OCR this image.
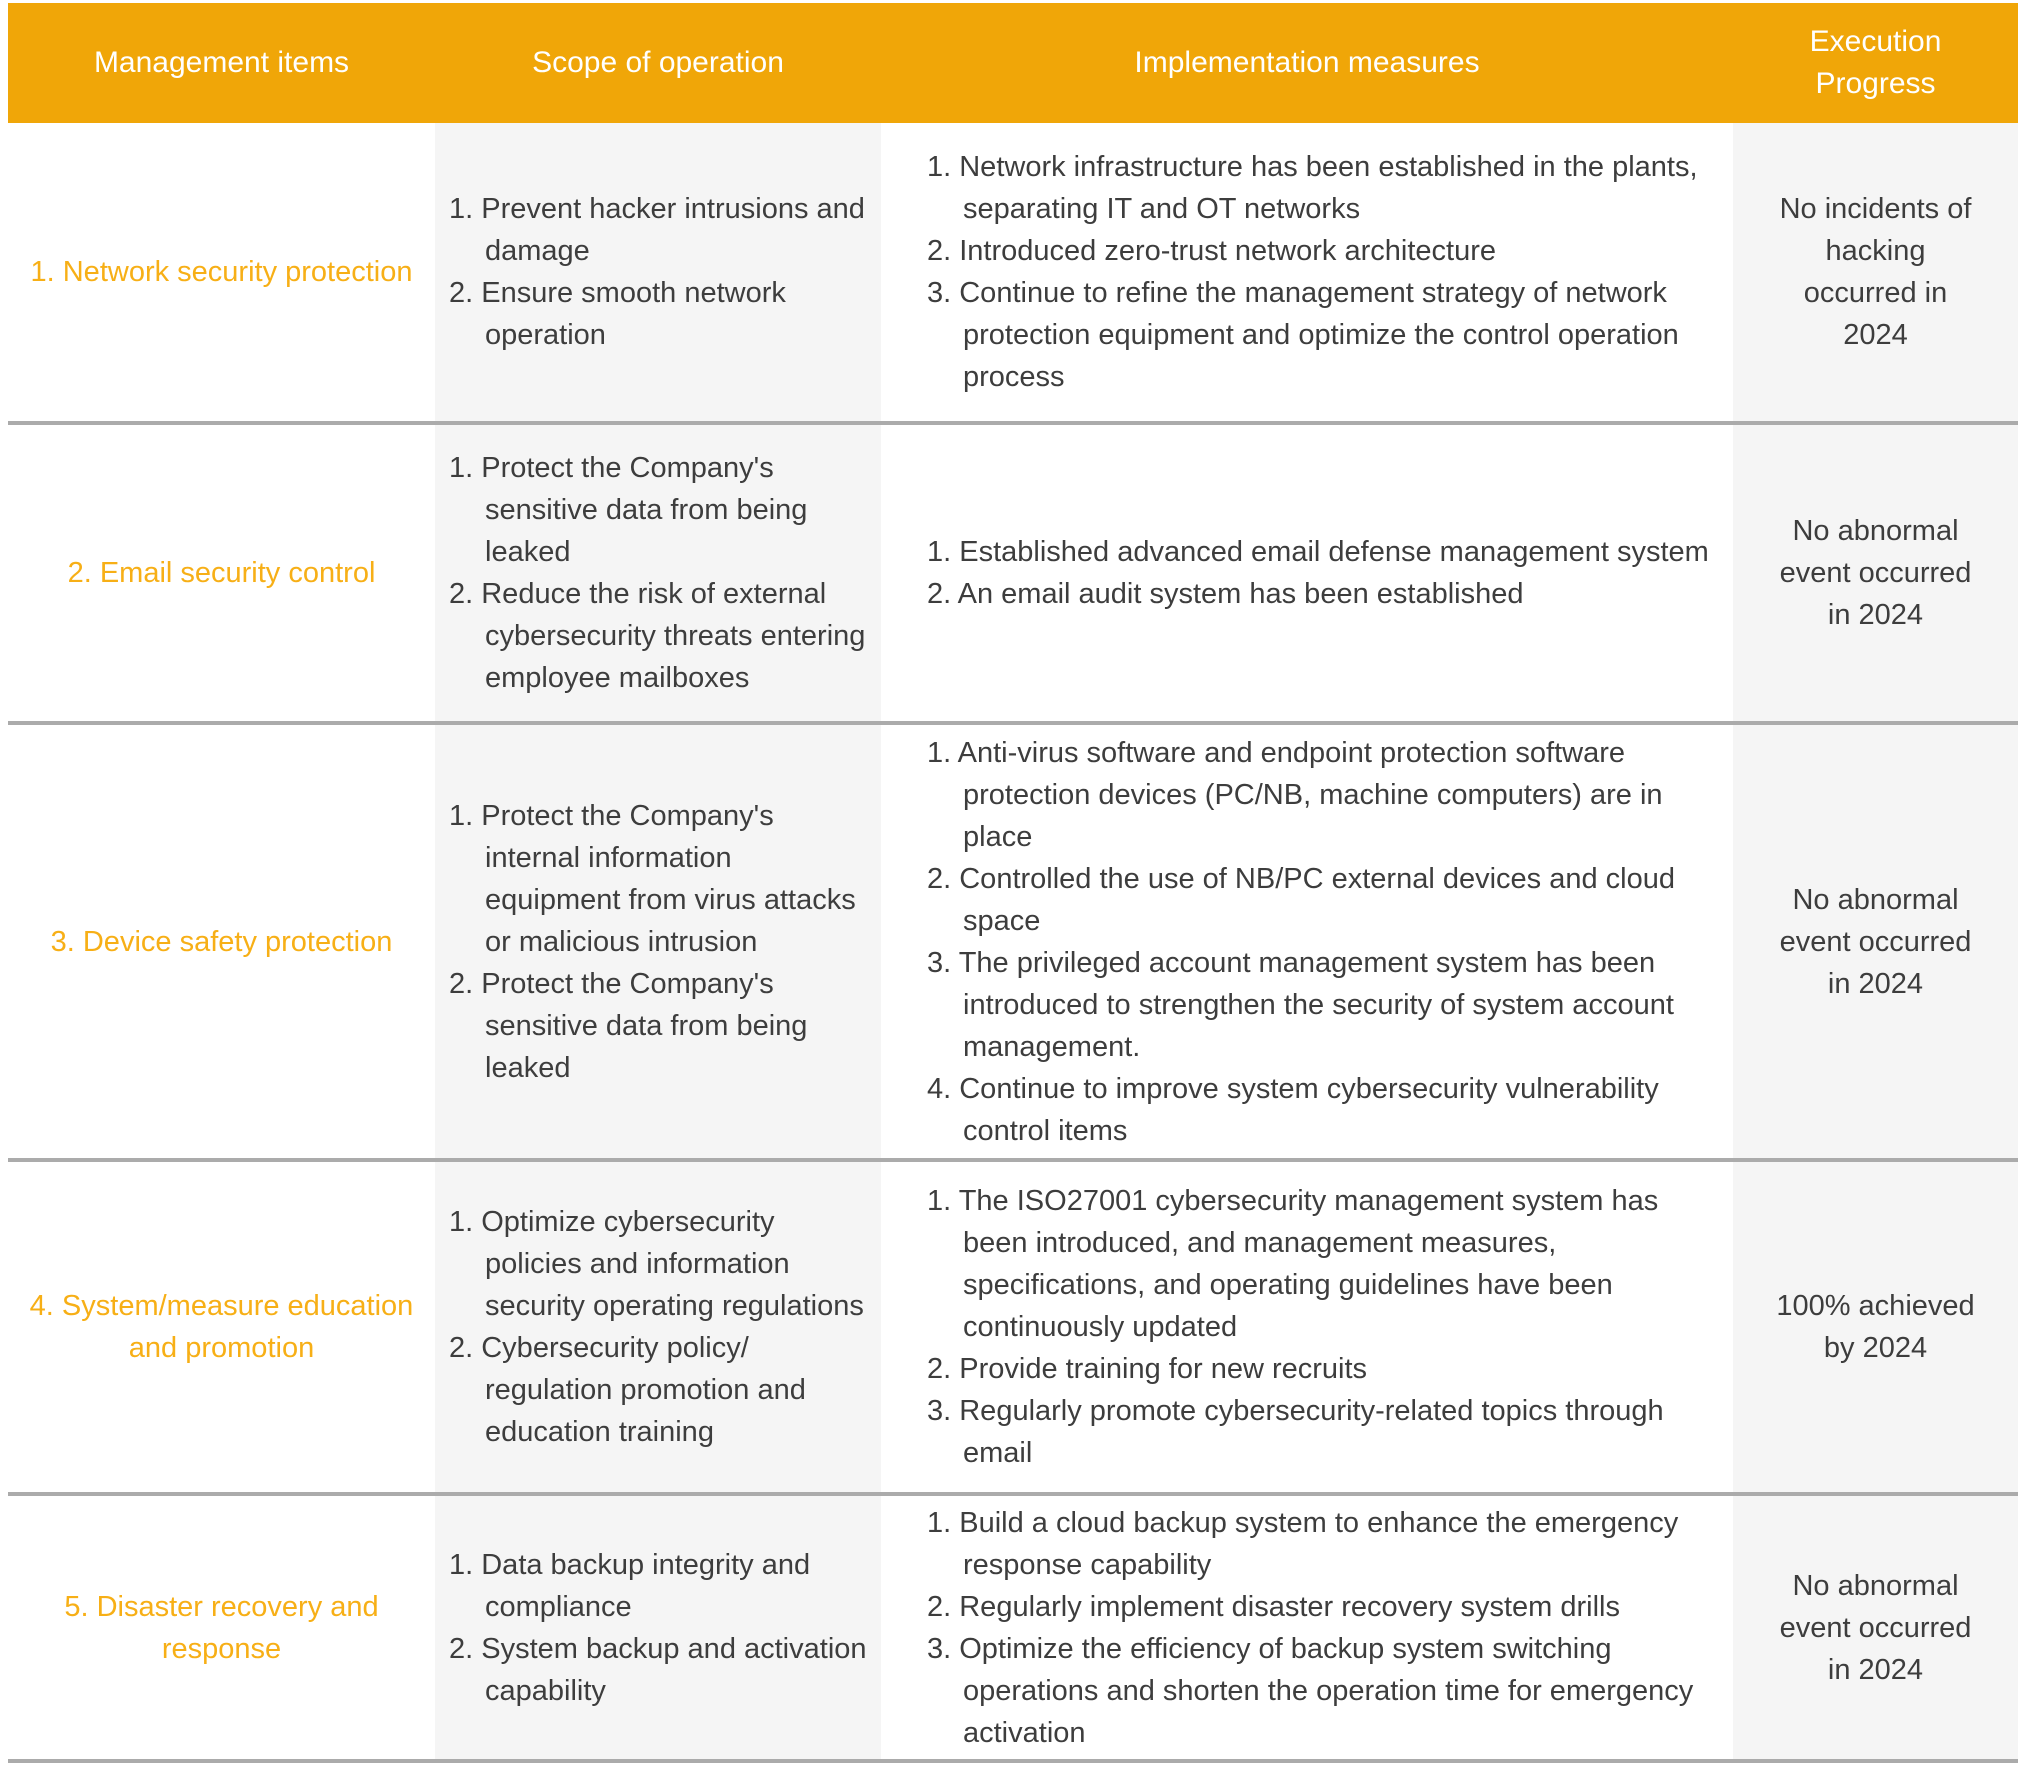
Management items	Scope of operation	Implementation measures
Execution Progress
1. Network security protection
1. Prevent hacker intrusions and damage
2. Ensure smooth network operation
1. Network infrastructure has been established in the plants, separating IT and OT networks
2. Introduced zero-trust network architecture
3. Continue to refine the management strategy of network protection equipment and optimize the control operation process
No incidents of hacking occurred in 2024
2. Email security control
1. Protect the Company's sensitive data from being leaked
2. Reduce the risk of external cybersecurity threats entering employee mailboxes
1. Established advanced email defense management system
2. An email audit system has been established
No abnormal event occurred in 2024
3. Device safety protection
1. Protect the Company's internal information equipment from virus attacks or malicious intrusion
2. Protect the Company's sensitive data from being leaked
1. Anti-virus software and endpoint protection software protection devices (PC/NB, machine computers) are in place
2. Controlled the use of NB/PC external devices and cloud space
3. The privileged account management system has been introduced to strengthen the security of system account management.
4. Continue to improve system cybersecurity vulnerability control items
No abnormal event occurred in 2024
4. System/measure education and promotion
1. Optimize cybersecurity policies and information security operating regulations
2. Cybersecurity policy/ regulation promotion and education training
1. The ISO27001 cybersecurity management system has been introduced, and management measures, specifications, and operating guidelines have been continuously updated
2. Provide training for new recruits
3. Regularly promote cybersecurity-related topics through email
100% achieved by 2024
5. Disaster recovery and response
1. Data backup integrity and compliance
2. System backup and activation capability
1. Build a cloud backup system to enhance the emergency response capability
2. Regularly implement disaster recovery system drills
3. Optimize the efficiency of backup system switching operations and shorten the operation time for emergency activation
No abnormal event occurred in 2024
